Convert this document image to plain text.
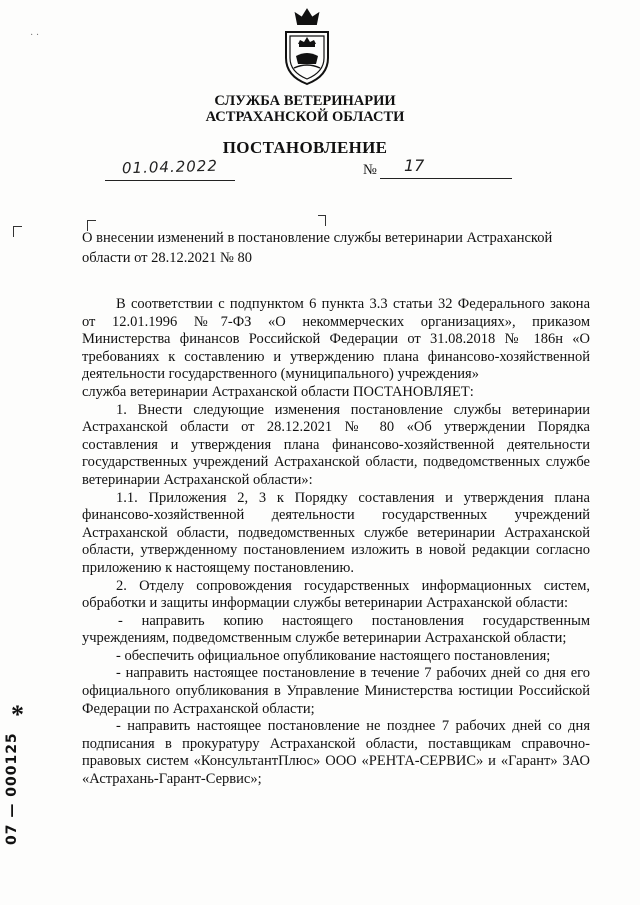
· ·
СЛУЖБА ВЕТЕРИНАРИИ
АСТРАХАНСКОЙ ОБЛАСТИ
ПОСТАНОВЛЕНИЕ
01.04.2022	№ 17
О внесении изменений в постановление службы ветеринарии Астраханской области от 28.12.2021 № 80

В соответствии с подпунктом 6 пункта 3.3 статьи 32 Федерального закона от 12.01.1996 №7-ФЗ «О некоммерческих организациях», приказом Министерства финансов Российской Федерации от 31.08.2018 № 186н «О требованиях к составлению и утверждению плана финансово-хозяйственной деятельности государственного (муниципального) учреждения»

служба ветеринарии Астраханской области ПОСТАНОВЛЯЕТ:

1. Внести следующие изменения постановление службы ветеринарии Астраханской области от 28.12.2021 № 80 «Об утверждении Порядка составления и утверждения плана финансово-хозяйственной деятельности государственных учреждений Астраханской области, подведомственных службе ветеринарии Астраханской области»:

1.1. Приложения 2, 3 к Порядку составления и утверждения плана финансово-хозяйственной деятельности государственных учреждений Астраханской области, подведомственных службе ветеринарии Астраханской области, утвержденному постановлением изложить в новой редакции согласно приложению к настоящему постановлению.

2. Отделу сопровождения государственных информационных систем, обработки и защиты информации службы ветеринарии Астраханской области:

- направить копию настоящего постановления государственным учреждениям, подведомственным службе ветеринарии Астраханской области;

- обеспечить официальное опубликование настоящего постановления;

- направить настоящее постановление в течение 7 рабочих дней со дня его официального опубликования в Управление Министерства юстиции Российской Федерации по Астраханской области;

- направить настоящее постановление не позднее 7 рабочих дней со дня подписания в прокуратуру Астраханской области, поставщикам справочно-правовых систем «КонсультантПлюс» ООО «РЕНТА-СЕРВИС» и «Гарант» ЗАО «Астрахань-Гарант-Сервис»;

*
07 — 000125
